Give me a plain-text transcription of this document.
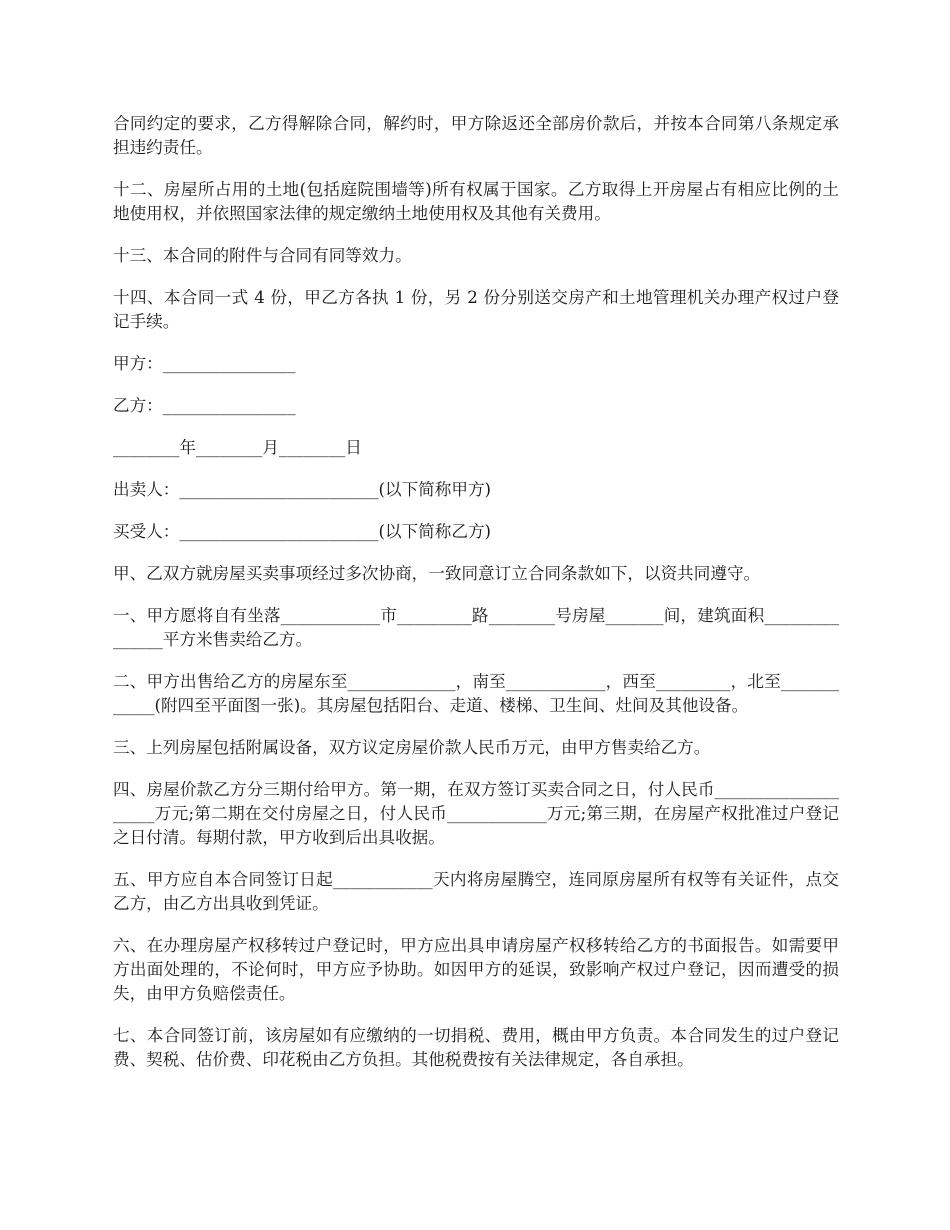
合同约定的要求，乙方得解除合同，解约时，甲方除返还全部房价款后，并按本合同第八条规定承担违约责任。

十二、房屋所占用的土地(包括庭院围墙等)所有权属于国家。乙方取得上开房屋占有相应比例的土地使用权，并依照国家法律的规定缴纳土地使用权及其他有关费用。

十三、本合同的附件与合同有同等效力。

十四、本合同一式 4 份，甲乙方各执 1 份，另 2 份分别送交房产和土地管理机关办理产权过户登记手续。

甲方：________________

乙方：________________

________年________月________日

出卖人：________________________(以下简称甲方)

买受人：________________________(以下简称乙方)

甲、乙双方就房屋买卖事项经过多次协商，一致同意订立合同条款如下，以资共同遵守。

一、甲方愿将自有坐落____________市_________路________号房屋_______间，建筑面积_______________平方米售卖给乙方。

二、甲方出售给乙方的房屋东至_____________，南至____________，西至_________，北至____________(附四至平面图一张)。其房屋包括阳台、走道、楼梯、卫生间、灶间及其他设备。

三、上列房屋包括附属设备，双方议定房屋价款人民币万元，由甲方售卖给乙方。

四、房屋价款乙方分三期付给甲方。第一期，在双方签订买卖合同之日，付人民币____________________万元;第二期在交付房屋之日，付人民币____________万元;第三期，在房屋产权批准过户登记之日付清。每期付款，甲方收到后出具收据。

五、甲方应自本合同签订日起____________天内将房屋腾空，连同原房屋所有权等有关证件，点交乙方，由乙方出具收到凭证。

六、在办理房屋产权移转过户登记时，甲方应出具申请房屋产权移转给乙方的书面报告。如需要甲方出面处理的，不论何时，甲方应予协助。如因甲方的延误，致影响产权过户登记，因而遭受的损失，由甲方负赔偿责任。

七、本合同签订前，该房屋如有应缴纳的一切捐税、费用，概由甲方负责。本合同发生的过户登记费、契税、估价费、印花税由乙方负担。其他税费按有关法律规定，各自承担。
